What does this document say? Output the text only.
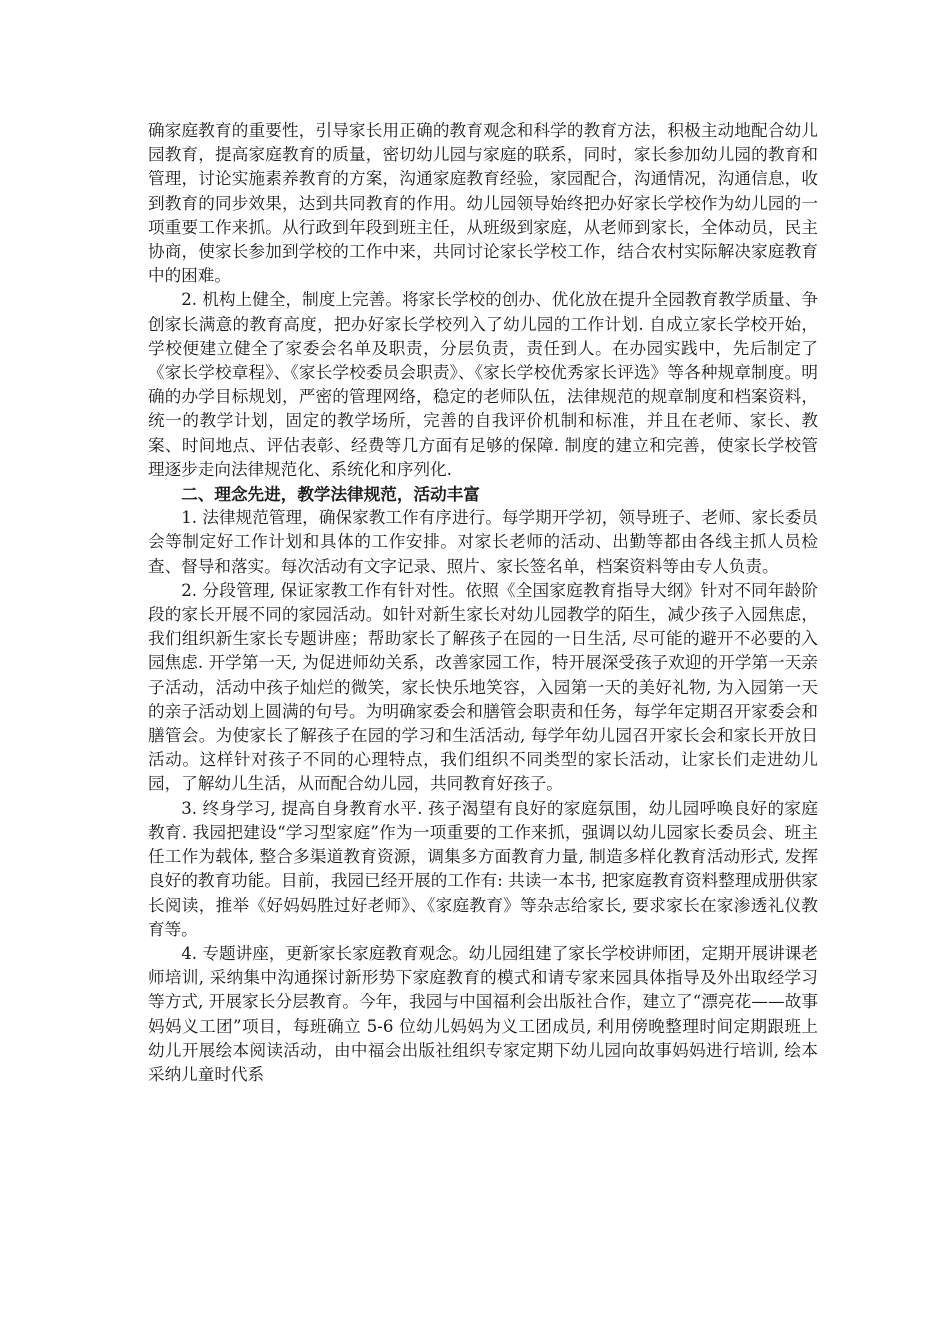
确家庭教育的重要性，引导家长用正确的教育观念和科学的教育方法，积极主动地配合幼儿园教育，提高家庭教育的质量，密切幼儿园与家庭的联系，同时，家长参加幼儿园的教育和管理，讨论实施素养教育的方案，沟通家庭教育经验，家园配合，沟通情况，沟通信息，收到教育的同步效果，达到共同教育的作用。幼儿园领导始终把办好家长学校作为幼儿园的一项重要工作来抓。从行政到年段到班主任，从班级到家庭，从老师到家长，全体动员，民主协商，使家长参加到学校的工作中来，共同讨论家长学校工作，结合农村实际解决家庭教育中的困难。

2. 机构上健全，制度上完善。将家长学校的创办、优化放在提升全园教育教学质量、争创家长满意的教育高度，把办好家长学校列入了幼儿园的工作计划. 自成立家长学校开始，学校便建立健全了家委会名单及职责，分层负责，责任到人。在办园实践中，先后制定了《家长学校章程》、《家长学校委员会职责》、《家长学校优秀家长评选》等各种规章制度。明确的办学目标规划，严密的管理网络，稳定的老师队伍，法律规范的规章制度和档案资料，统一的教学计划，固定的教学场所，完善的自我评价机制和标准，并且在老师、家长、教案、时间地点、评估表彰、经费等几方面有足够的保障. 制度的建立和完善，使家长学校管理逐步走向法律规范化、系统化和序列化.

二、理念先进，教学法律规范，活动丰富

1. 法律规范管理，确保家教工作有序进行。每学期开学初，领导班子、老师、家长委员会等制定好工作计划和具体的工作安排。对家长老师的活动、出勤等都由各线主抓人员检查、督导和落实。每次活动有文字记录、照片、家长签名单，档案资料等由专人负责。

2. 分段管理, 保证家教工作有针对性。依照《全国家庭教育指导大纲》针对不同年龄阶段的家长开展不同的家园活动。如针对新生家长对幼儿园教学的陌生，减少孩子入园焦虑，我们组织新生家长专题讲座；帮助家长了解孩子在园的一日生活, 尽可能的避开不必要的入园焦虑. 开学第一天, 为促进师幼关系，改善家园工作，特开展深受孩子欢迎的开学第一天亲子活动，活动中孩子灿烂的微笑，家长快乐地笑容，入园第一天的美好礼物, 为入园第一天的亲子活动划上圆满的句号。为明确家委会和膳管会职责和任务，每学年定期召开家委会和膳管会。为使家长了解孩子在园的学习和生活活动, 每学年幼儿园召开家长会和家长开放日活动。这样针对孩子不同的心理特点，我们组织不同类型的家长活动，让家长们走进幼儿园，了解幼儿生活，从而配合幼儿园，共同教育好孩子。

3. 终身学习, 提高自身教育水平. 孩子渴望有良好的家庭氛围，幼儿园呼唤良好的家庭教育. 我园把建设“学习型家庭”作为一项重要的工作来抓，强调以幼儿园家长委员会、班主任工作为载体, 整合多渠道教育资源，调集多方面教育力量, 制造多样化教育活动形式, 发挥良好的教育功能。目前，我园已经开展的工作有: 共读一本书, 把家庭教育资料整理成册供家长阅读，推举《好妈妈胜过好老师》、《家庭教育》等杂志给家长, 要求家长在家渗透礼仪教育等。

4. 专题讲座，更新家长家庭教育观念。幼儿园组建了家长学校讲师团，定期开展讲课老师培训, 采纳集中沟通探讨新形势下家庭教育的模式和请专家来园具体指导及外出取经学习等方式, 开展家长分层教育。今年，我园与中国福利会出版社合作，建立了“漂亮花——故事妈妈义工团”项目，每班确立 5-6 位幼儿妈妈为义工团成员, 利用傍晚整理时间定期跟班上幼儿开展绘本阅读活动，由中福会出版社组织专家定期下幼儿园向故事妈妈进行培训, 绘本采纳儿童时代系
